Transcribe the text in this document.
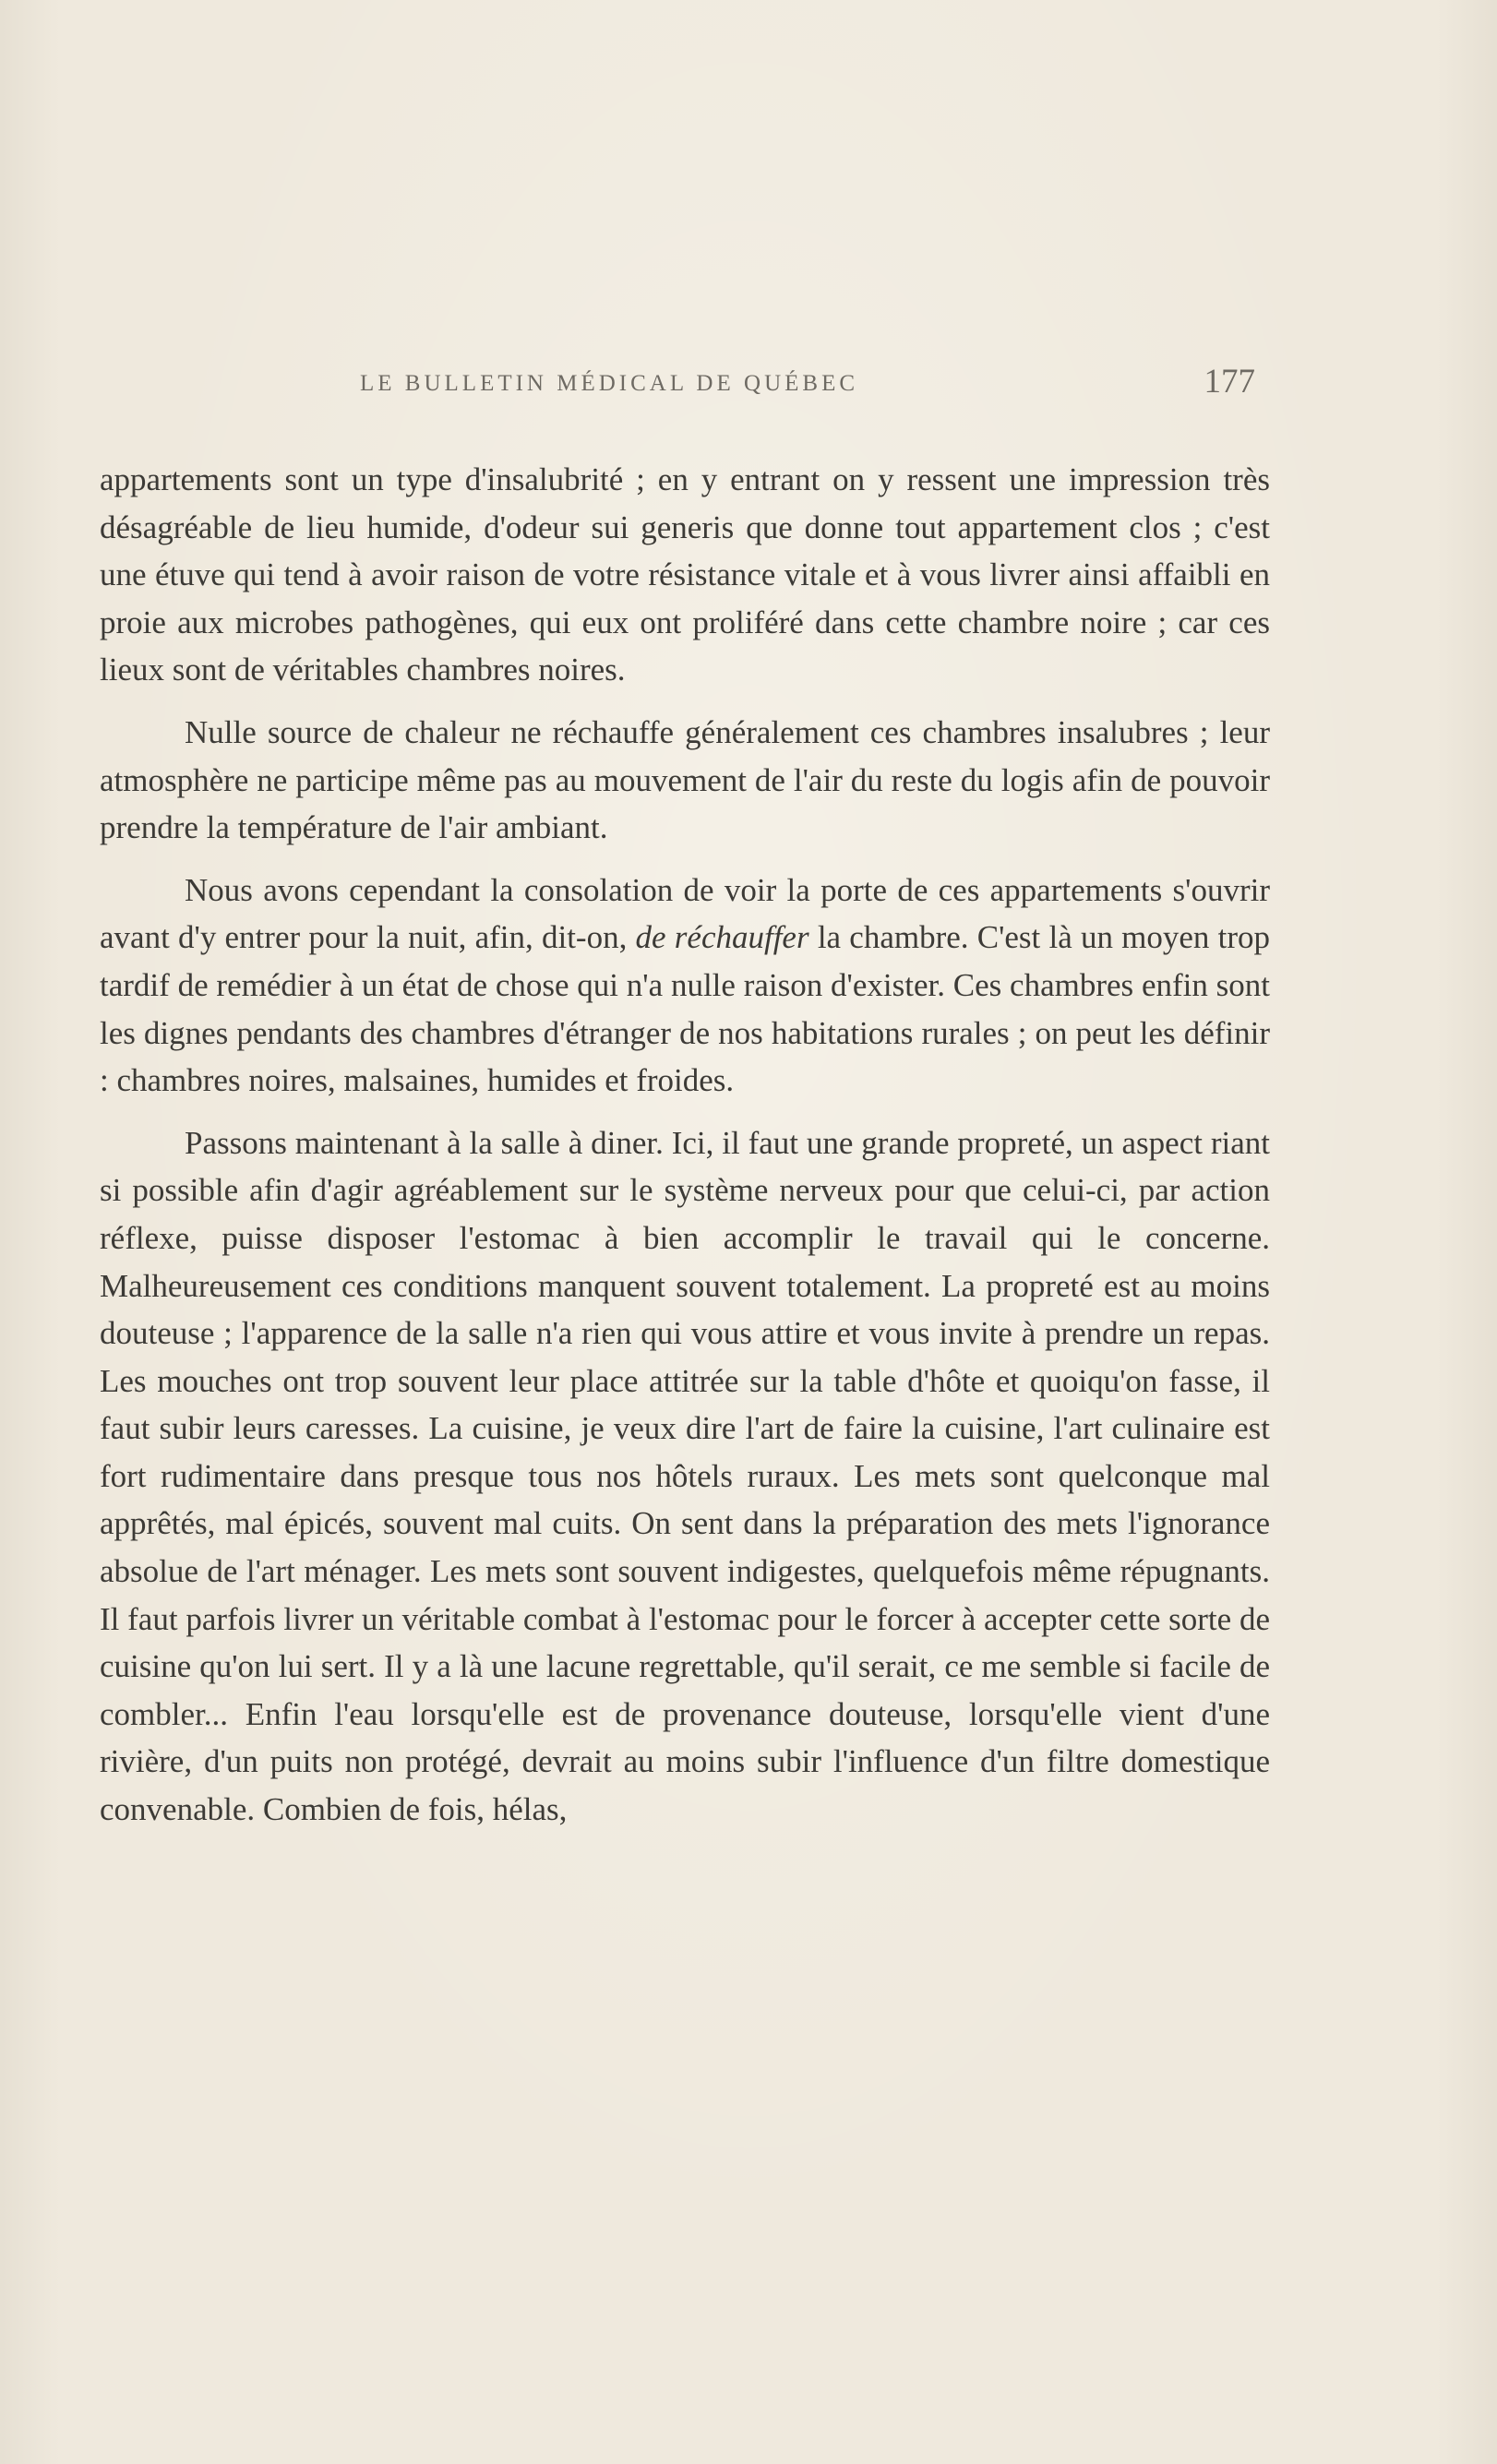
LE BULLETIN MÉDICAL DE QUÉBEC	177

appartements sont un type d'insalubrité ; en y entrant on y ressent une impression très désagréable de lieu humide, d'odeur sui generis que donne tout appartement clos ; c'est une étuve qui tend à avoir raison de votre résistance vitale et à vous livrer ainsi affaibli en proie aux microbes pathogènes, qui eux ont proliféré dans cette chambre noire ; car ces lieux sont de véritables chambres noires.

Nulle source de chaleur ne réchauffe généralement ces chambres insalubres ; leur atmosphère ne participe même pas au mouvement de l'air du reste du logis afin de pouvoir prendre la température de l'air ambiant.

Nous avons cependant la consolation de voir la porte de ces appartements s'ouvrir avant d'y entrer pour la nuit, afin, dit-on, de réchauffer la chambre. C'est là un moyen trop tardif de remédier à un état de chose qui n'a nulle raison d'exister. Ces chambres enfin sont les dignes pendants des chambres d'étranger de nos habitations rurales ; on peut les définir : chambres noires, malsaines, humides et froides.

Passons maintenant à la salle à diner. Ici, il faut une grande propreté, un aspect riant si possible afin d'agir agréablement sur le système nerveux pour que celui-ci, par action réflexe, puisse disposer l'estomac à bien accomplir le travail qui le concerne. Malheureusement ces conditions manquent souvent totalement. La propreté est au moins douteuse ; l'apparence de la salle n'a rien qui vous attire et vous invite à prendre un repas. Les mouches ont trop souvent leur place attitrée sur la table d'hôte et quoiqu'on fasse, il faut subir leurs caresses. La cuisine, je veux dire l'art de faire la cuisine, l'art culinaire est fort rudimentaire dans presque tous nos hôtels ruraux. Les mets sont quelconque mal apprêtés, mal épicés, souvent mal cuits. On sent dans la préparation des mets l'ignorance absolue de l'art ménager. Les mets sont souvent indigestes, quelquefois même répugnants. Il faut parfois livrer un véritable combat à l'estomac pour le forcer à accepter cette sorte de cuisine qu'on lui sert. Il y a là une lacune regrettable, qu'il serait, ce me semble si facile de combler... Enfin l'eau lorsqu'elle est de provenance douteuse, lorsqu'elle vient d'une rivière, d'un puits non protégé, devrait au moins subir l'influence d'un filtre domestique convenable. Combien de fois, hélas,
